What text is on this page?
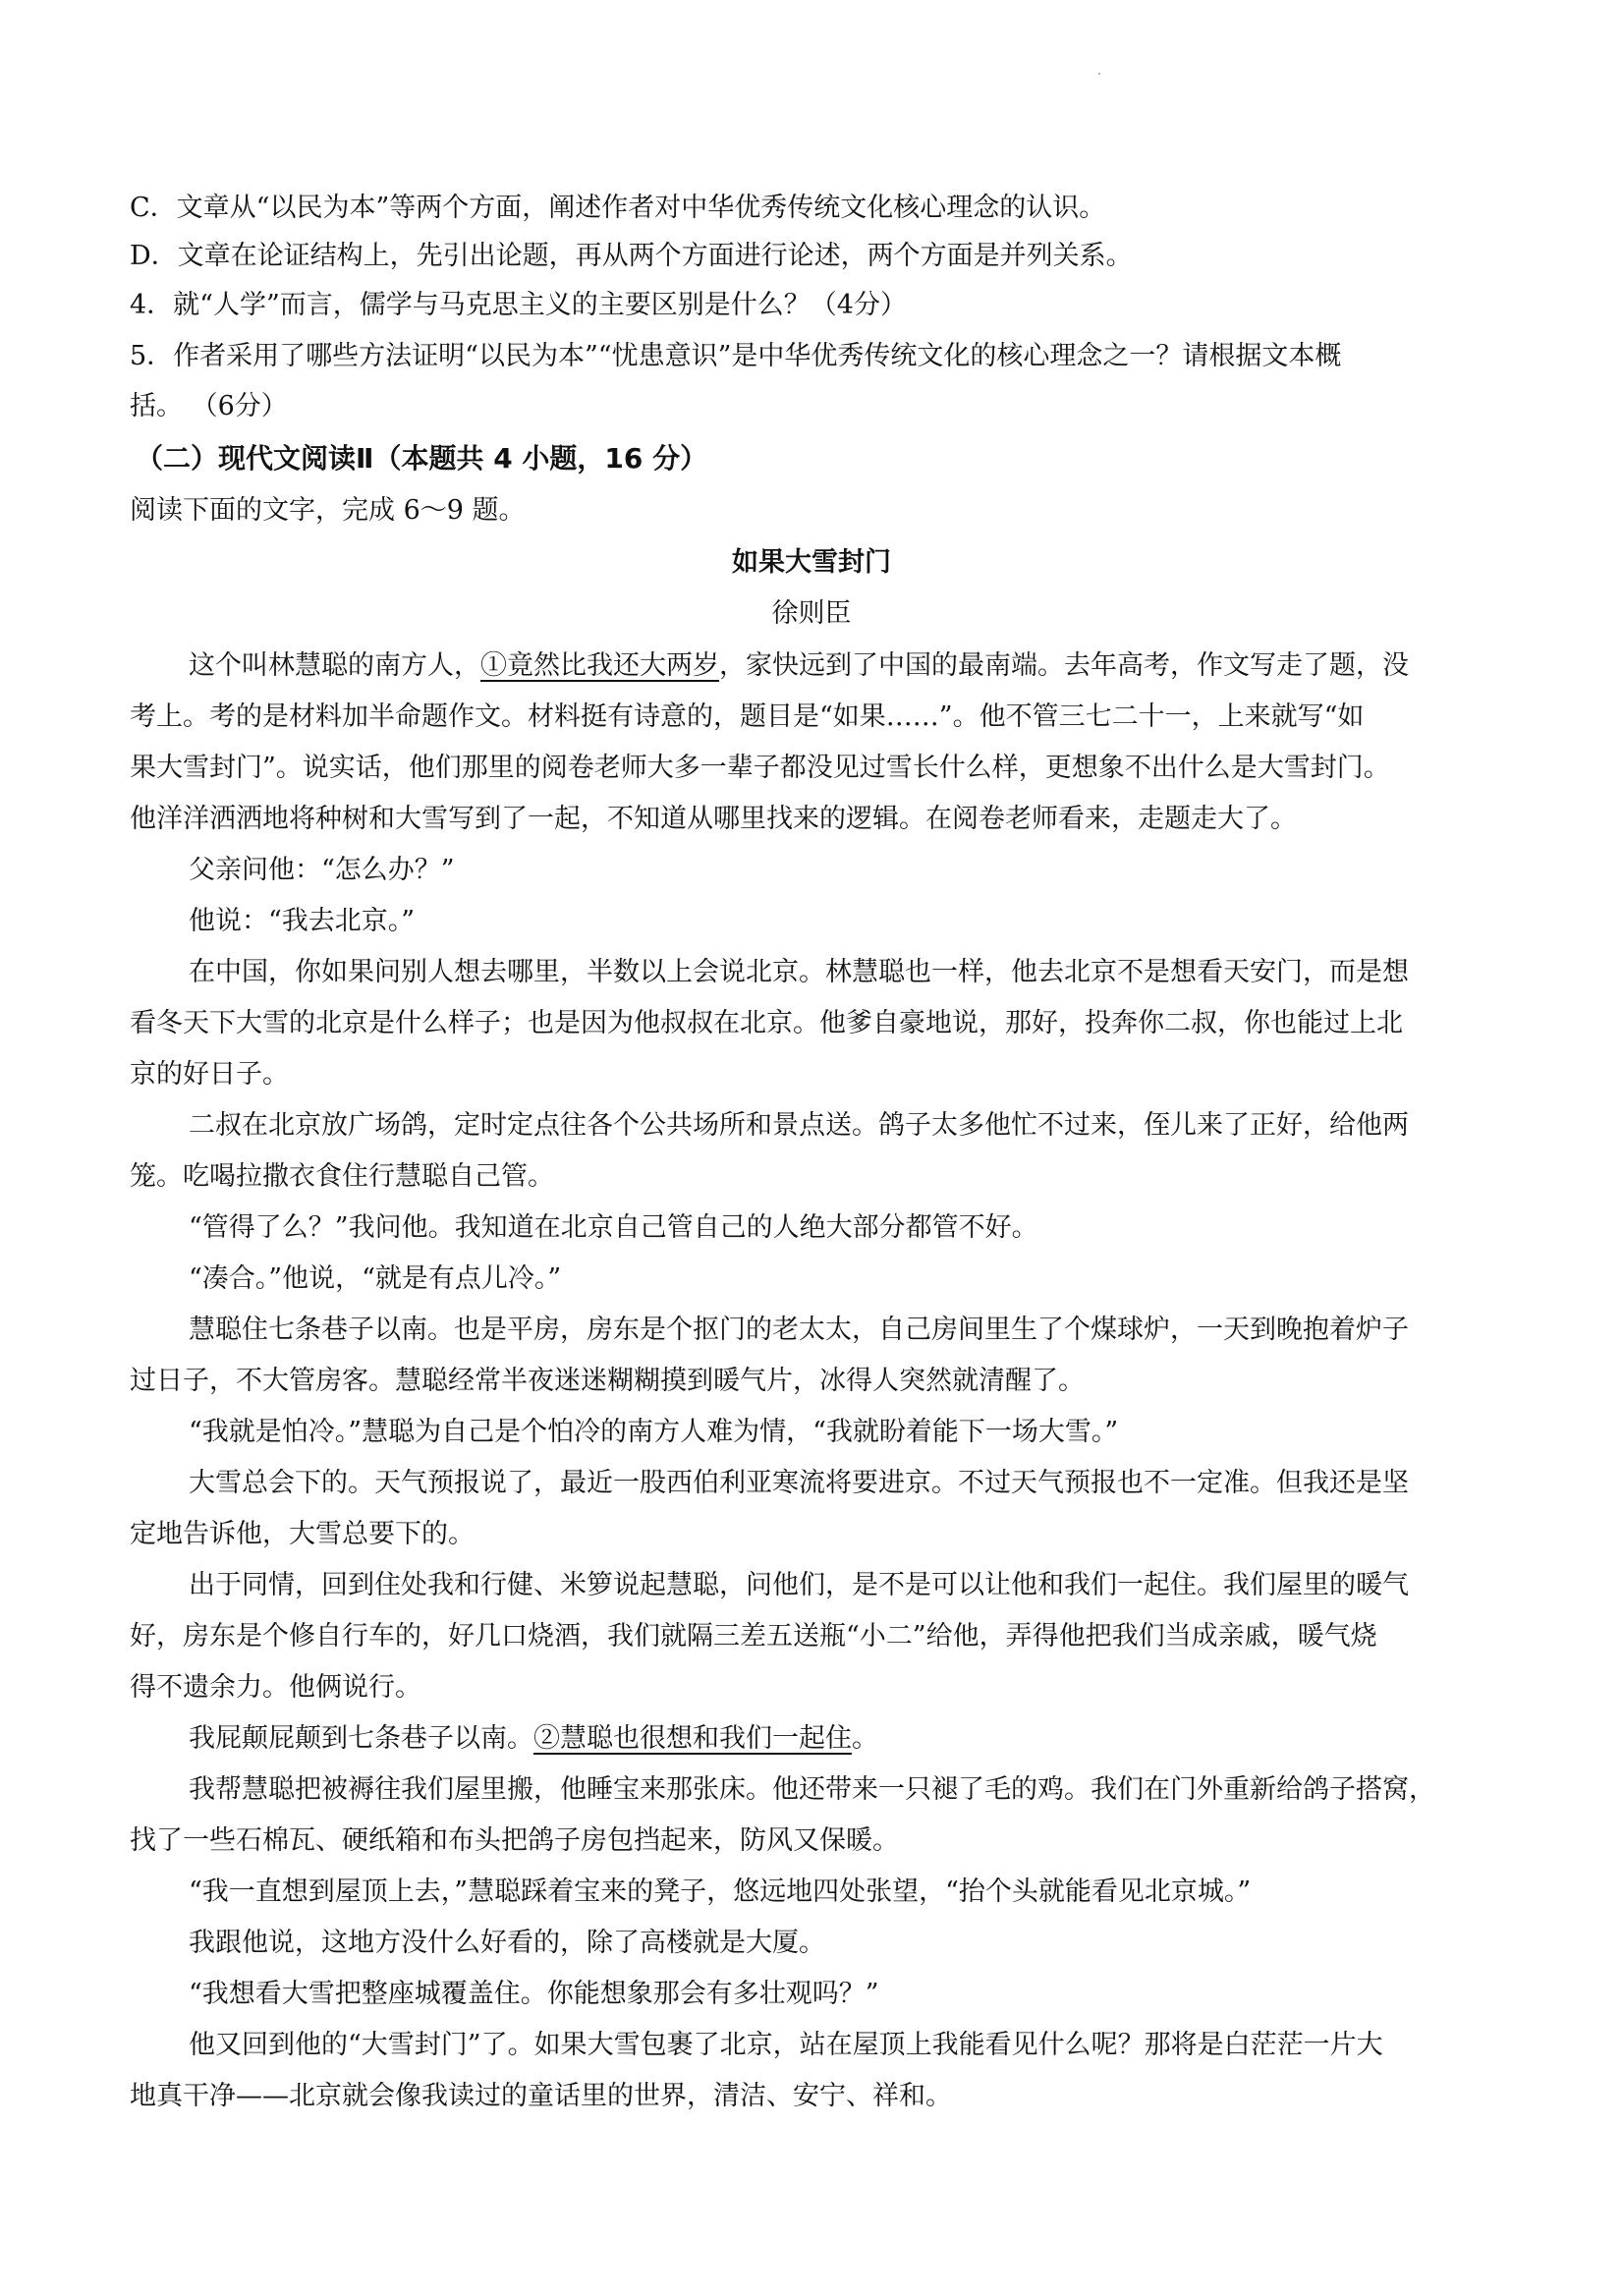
C．文章从“以民为本”等两个方面，阐述作者对中华优秀传统文化核心理念的认识。
D．文章在论证结构上，先引出论题，再从两个方面进行论述，两个方面是并列关系。
4．就“人学”而言，儒学与马克思主义的主要区别是什么？（4分）
5．作者采用了哪些方法证明“以民为本”“忧患意识”是中华优秀传统文化的核心理念之一？请根据文本概
括。 （6分）
（二）现代文阅读Ⅱ（本题共 4 小题，16 分）
阅读下面的文字，完成 6～9 题。
如果大雪封门
徐则臣
这个叫林慧聪的南方人，①竟然比我还大两岁，家快远到了中国的最南端。去年高考，作文写走了题，没
考上。考的是材料加半命题作文。材料挺有诗意的，题目是“如果……”。他不管三七二十一，上来就写“如
果大雪封门”。说实话，他们那里的阅卷老师大多一辈子都没见过雪长什么样，更想象不出什么是大雪封门。
他洋洋洒洒地将种树和大雪写到了一起，不知道从哪里找来的逻辑。在阅卷老师看来，走题走大了。
父亲问他：“怎么办？”
他说：“我去北京。”
在中国，你如果问别人想去哪里，半数以上会说北京。林慧聪也一样，他去北京不是想看天安门，而是想
看冬天下大雪的北京是什么样子；也是因为他叔叔在北京。他爹自豪地说，那好，投奔你二叔，你也能过上北
京的好日子。
二叔在北京放广场鸽，定时定点往各个公共场所和景点送。鸽子太多他忙不过来，侄儿来了正好，给他两
笼。吃喝拉撒衣食住行慧聪自己管。
“管得了么？”我问他。我知道在北京自己管自己的人绝大部分都管不好。
“凑合。”他说，“就是有点儿冷。”
慧聪住七条巷子以南。也是平房，房东是个抠门的老太太，自己房间里生了个煤球炉，一天到晚抱着炉子
过日子，不大管房客。慧聪经常半夜迷迷糊糊摸到暖气片，冰得人突然就清醒了。
“我就是怕冷。”慧聪为自己是个怕冷的南方人难为情，“我就盼着能下一场大雪。”
大雪总会下的。天气预报说了，最近一股西伯利亚寒流将要进京。不过天气预报也不一定准。但我还是坚
定地告诉他，大雪总要下的。
出于同情，回到住处我和行健、米箩说起慧聪，问他们，是不是可以让他和我们一起住。我们屋里的暖气
好，房东是个修自行车的，好几口烧酒，我们就隔三差五送瓶“小二”给他，弄得他把我们当成亲戚，暖气烧
得不遗余力。他俩说行。
我屁颠屁颠到七条巷子以南。②慧聪也很想和我们一起住。
我帮慧聪把被褥往我们屋里搬，他睡宝来那张床。他还带来一只褪了毛的鸡。我们在门外重新给鸽子搭窝，
找了一些石棉瓦、硬纸箱和布头把鸽子房包挡起来，防风又保暖。
“我一直想到屋顶上去，”慧聪踩着宝来的凳子，悠远地四处张望，“抬个头就能看见北京城。”
我跟他说，这地方没什么好看的，除了高楼就是大厦。
“我想看大雪把整座城覆盖住。你能想象那会有多壮观吗？”
他又回到他的“大雪封门”了。如果大雪包裹了北京，站在屋顶上我能看见什么呢？那将是白茫茫一片大
地真干净——北京就会像我读过的童话里的世界，清洁、安宁、祥和。
